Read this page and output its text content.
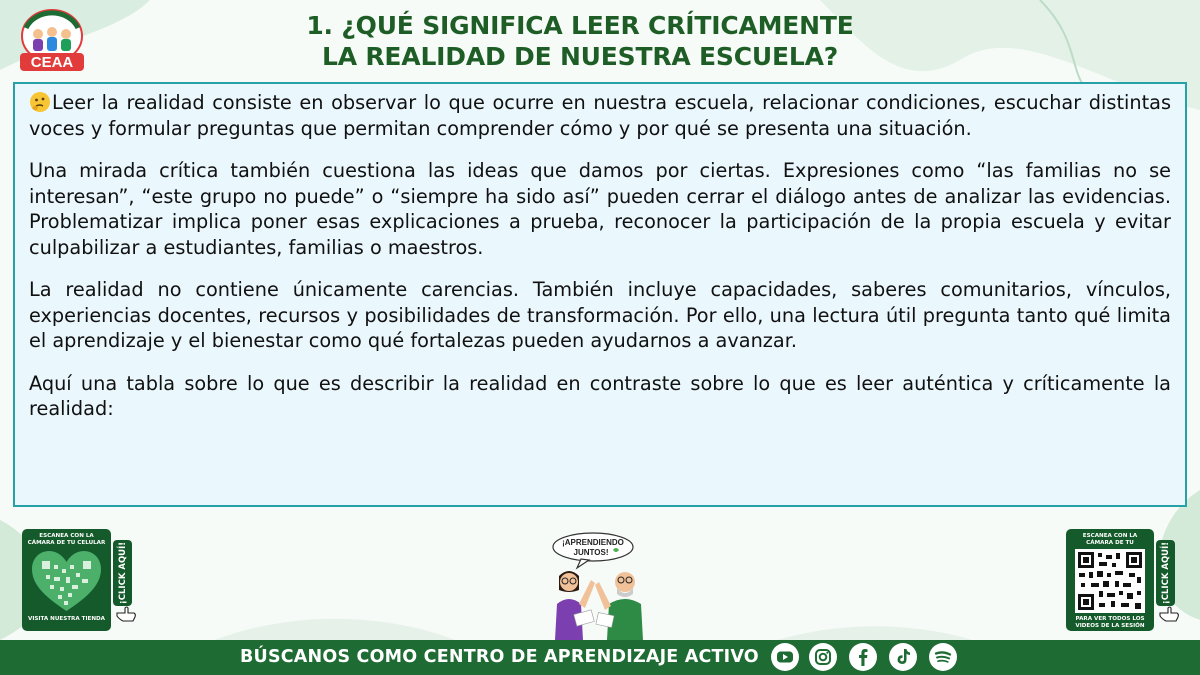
CEAA
1. ¿QUÉ SIGNIFICA LEER CRÍTICAMENTE
LA REALIDAD DE NUESTRA ESCUELA?

Leer la realidad consiste en observar lo que ocurre en nuestra escuela, relacionar condiciones, escuchar distintas voces y formular preguntas que permitan comprender cómo y por qué se presenta una situación.

Una mirada crítica también cuestiona las ideas que damos por ciertas. Expresiones como “las familias no se interesan”, “este grupo no puede” o “siempre ha sido así” pueden cerrar el diálogo antes de analizar las evidencias. Problematizar implica poner esas explicaciones a prueba, reconocer la participación de la propia escuela y evitar culpabilizar a estudiantes, familias o maestros.

La realidad no contiene únicamente carencias. También incluye capacidades, saberes comunitarios, vínculos, experiencias docentes, recursos y posibilidades de transformación. Por ello, una lectura útil pregunta tanto qué limita el aprendizaje y el bienestar como qué fortalezas pueden ayudarnos a avanzar.

Aquí una tabla sobre lo que es describir la realidad en contraste sobre lo que es leer auténtica y críticamente la realidad:

ESCANEA CON LA CÁMARA DE TU CELULAR
VISITA NUESTRA TIENDA
¡CLICK AQUÍ!
ESCANEA CON LA CÁMARA DE TU
PARA VER TODOS LOS VIDEOS DE LA SESIÓN
¡CLICK AQUÍ!
¡APRENDIENDO
JUNTOS!
BÚSCANOS COMO CENTRO DE APRENDIZAJE ACTIVO
